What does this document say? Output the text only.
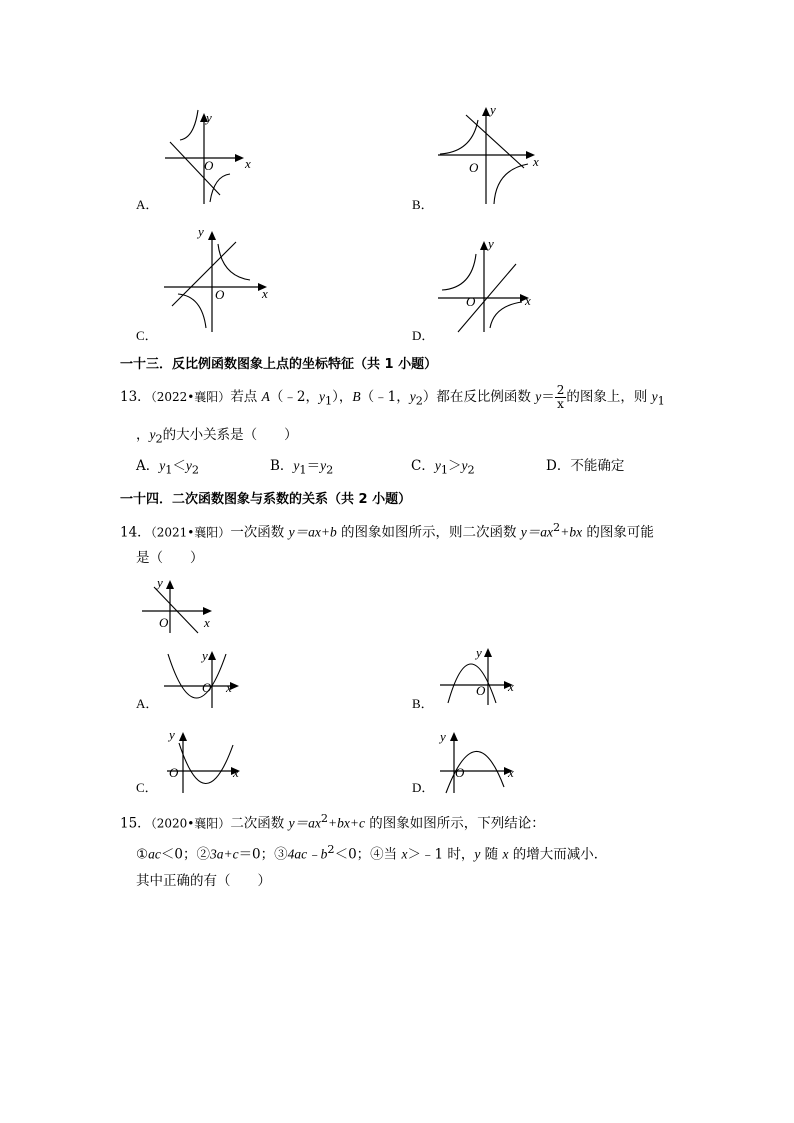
y
x
O
A．
y
x
O
B．
y
x
O
C．
y
x
O
D．
一十三．反比例函数图象上点的坐标特征（共 1 小题）
13．（2022•襄阳）若点 A（﹣2，$y_1$），B（﹣1，$y_2$）都在反比例函数 $y= \frac{2}{x}$ 的图象上，则 $y_1$
，$y_2$的大小关系是（　　）
A．$y_1<y_2$	B．$y_1=y_2$	C．$y_1>y_2$	D．不能确定
一十四．二次函数图象与系数的关系（共 2 小题）
14．（2021•襄阳）一次函数 y＝ax+b 的图象如图所示，则二次函数 $y=ax^2+bx$ 的图象可能
是（　　）
y
x
O
y
x
O
A．
y
x
O
B．
y
x
O
C．
y
x
O
D．
15．（2020•襄阳）二次函数 $y=ax^2+bx+c$ 的图象如图所示，下列结论：
①ac＜0；②3a+c＝0；$③4ac﹣b^2<0$；④当 x＞﹣1 时，y 随 x 的增大而减小．
其中正确的有（　　）
